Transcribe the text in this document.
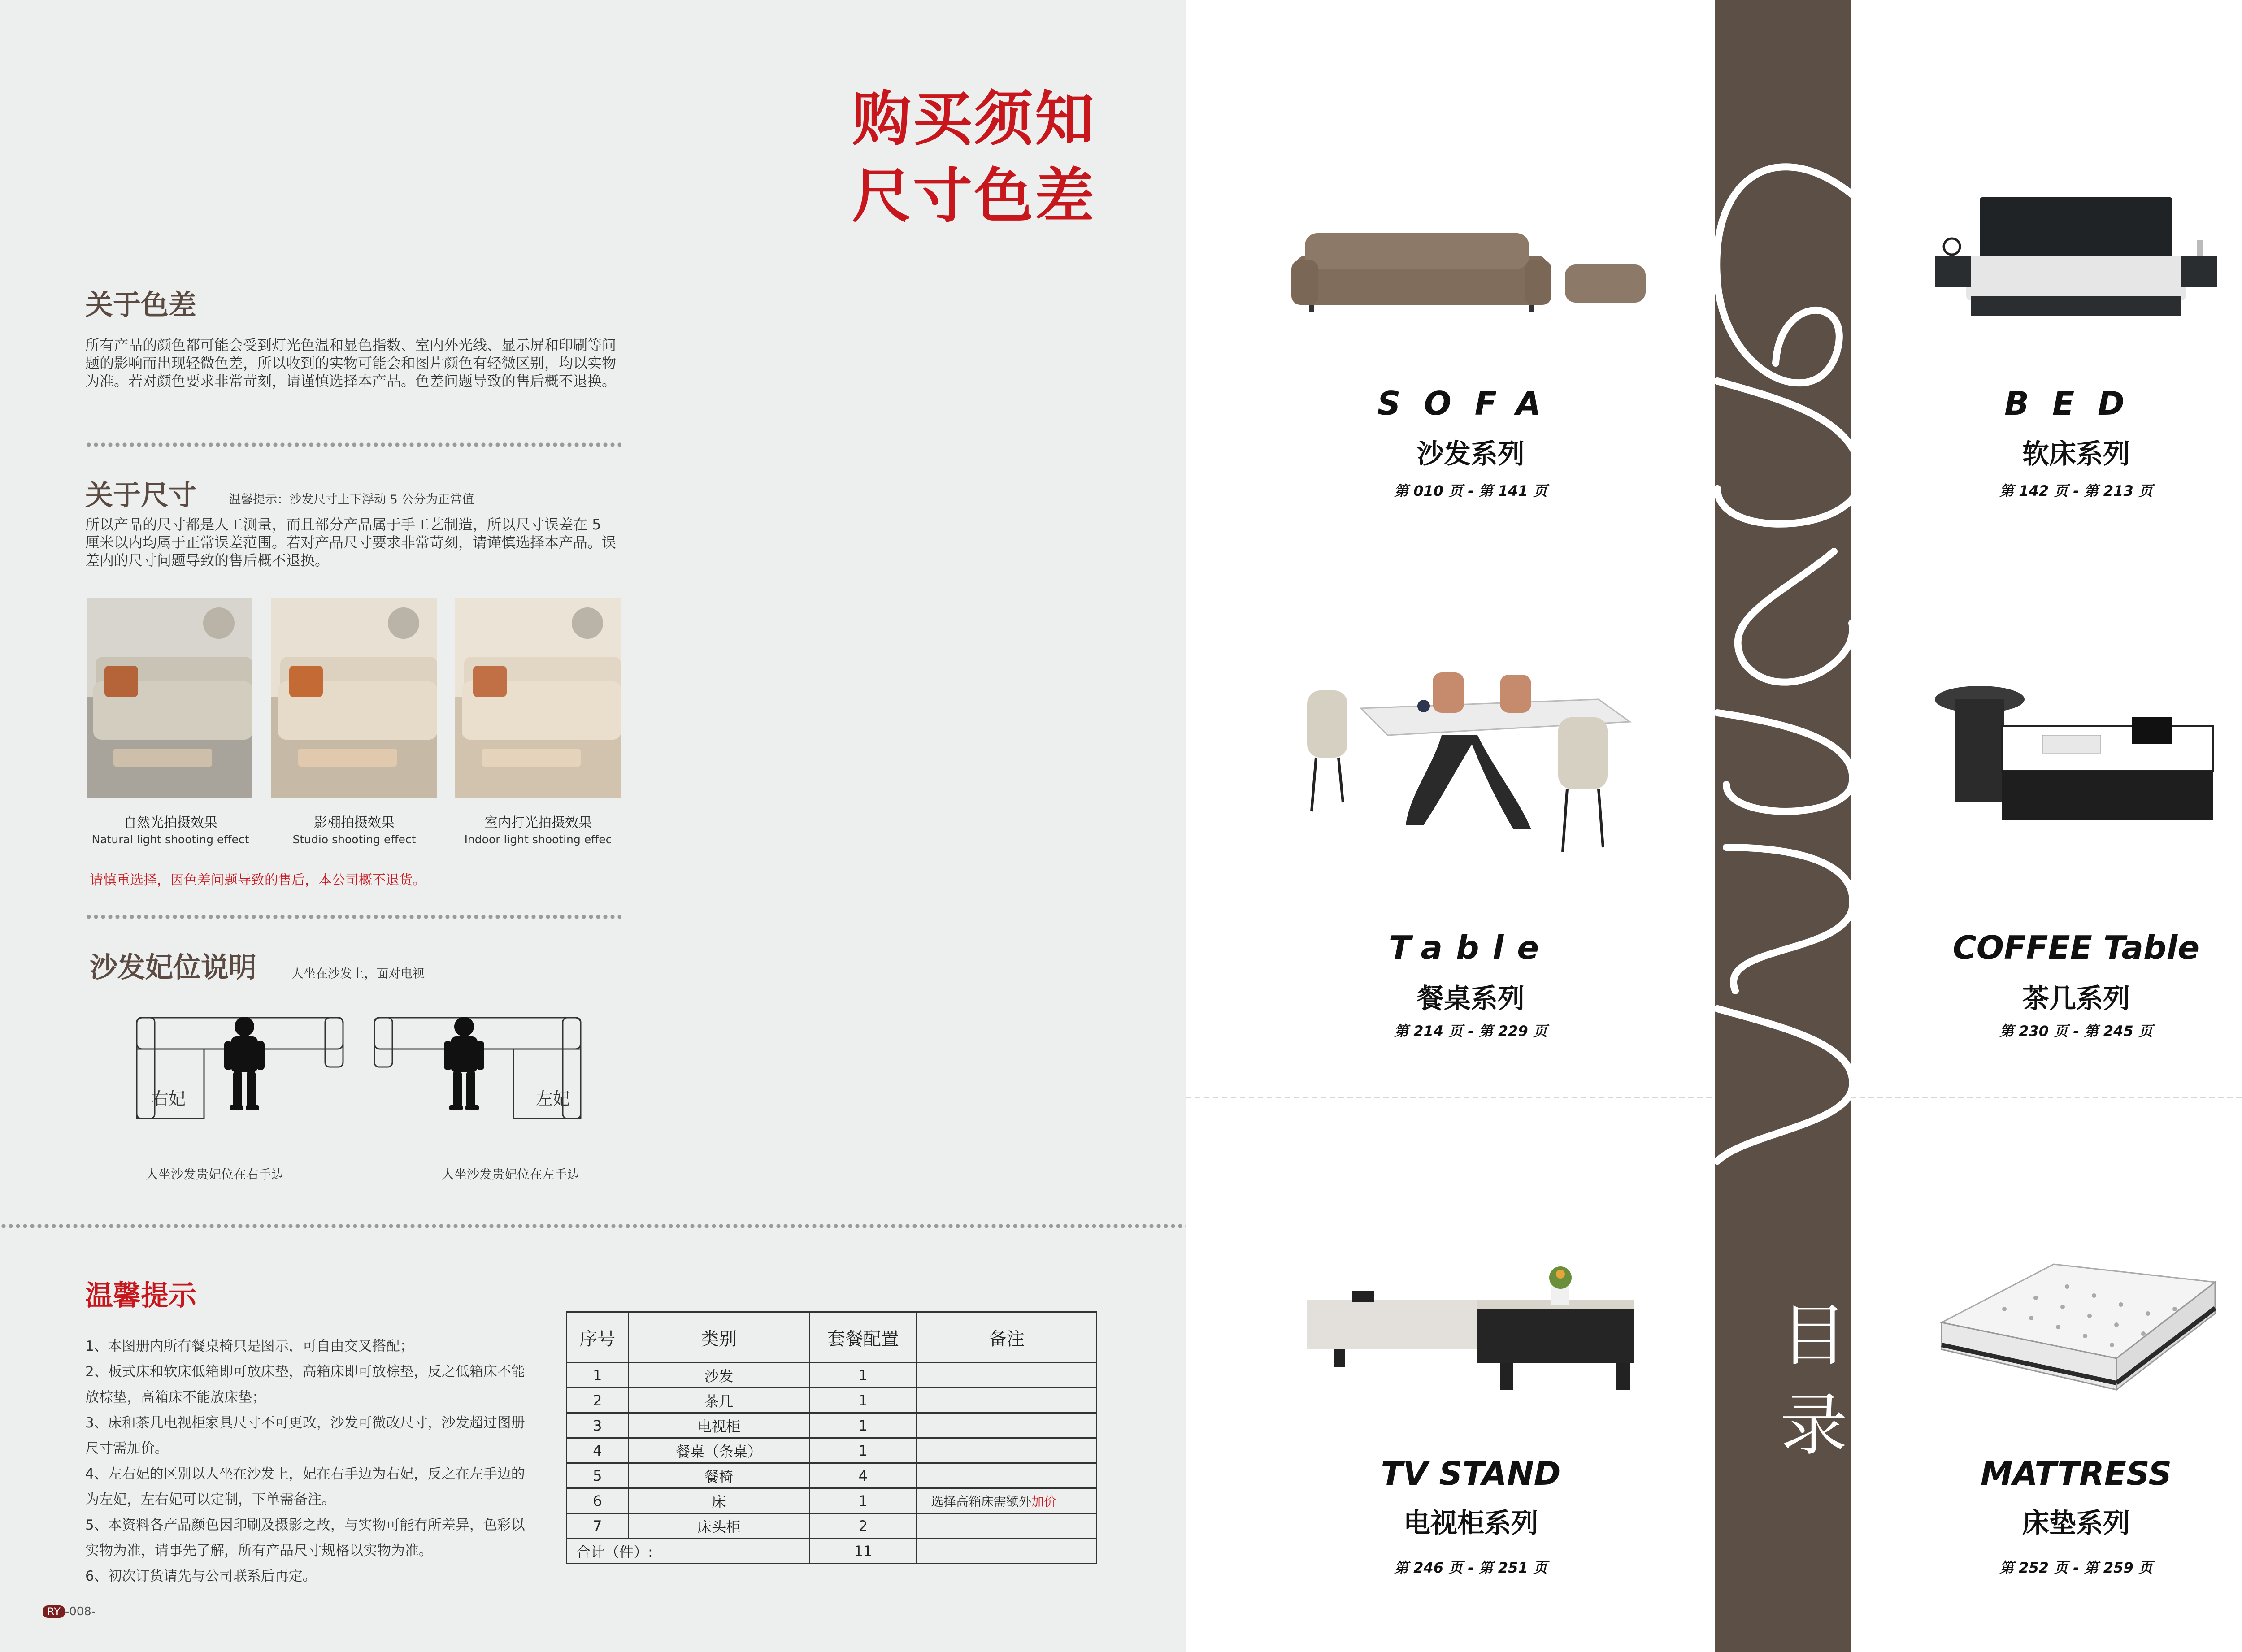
购买须知
尺寸色差
关于色差
所有产品的颜色都可能会受到灯光色温和显色指数、室内外光线、显示屏和印刷等问题的影响而出现轻微色差，所以收到的实物可能会和图片颜色有轻微区别，均以实物为准。若对颜色要求非常苛刻，请谨慎选择本产品。色差问题导致的售后概不退换。
关于尺寸	温馨提示：沙发尺寸上下浮动 5 公分为正常值
所以产品的尺寸都是人工测量，而且部分产品属于手工艺制造，所以尺寸误差在 5 厘米以内均属于正常误差范围。若对产品尺寸要求非常苛刻，请谨慎选择本产品。误差内的尺寸问题导致的售后概不退换。
自然光拍摄效果
Natural light shooting effect
影棚拍摄效果
Studio shooting effect
室内打光拍摄效果
Indoor light shooting effec
请慎重选择，因色差问题导致的售后，本公司概不退货。
沙发妃位说明	人坐在沙发上，面对电视
右妃	左妃
人坐沙发贵妃位在右手边	人坐沙发贵妃位在左手边
温馨提示
1、本图册内所有餐桌椅只是图示，可自由交叉搭配；
2、板式床和软床低箱即可放床垫，高箱床即可放棕垫，反之低箱床不能放棕垫，高箱床不能放床垫；
3、床和茶几电视柜家具尺寸不可更改，沙发可微改尺寸，沙发超过图册尺寸需加价。
4、左右妃的区别以人坐在沙发上，妃在右手边为右妃，反之在左手边的为左妃，左右妃可以定制，下单需备注。
5、本资料各产品颜色因印刷及摄影之故，与实物可能有所差异，色彩以实物为准，请事先了解，所有产品尺寸规格以实物为准。
6、初次订货请先与公司联系后再定。
序号	类别	套餐配置	备注
1	沙发	1	
2	茶几	1	
3	电视柜	1	
4	餐桌（条桌）	1	
5	餐椅	4	
6	床	1	选择高箱床需额外加价
7	床头柜	2	
合计（件）:		11	
RY -008-
目
录
SOFA
沙发系列
第 010 页 - 第 141 页
BED
软床系列
第 142 页 - 第 213 页
Table
餐桌系列
第 214 页 - 第 229 页
COFFEE Table
茶几系列
第 230 页 - 第 245 页
TV STAND
电视柜系列
第 246 页 - 第 251 页
MATTRESS
床垫系列
第 252 页 - 第 259 页
